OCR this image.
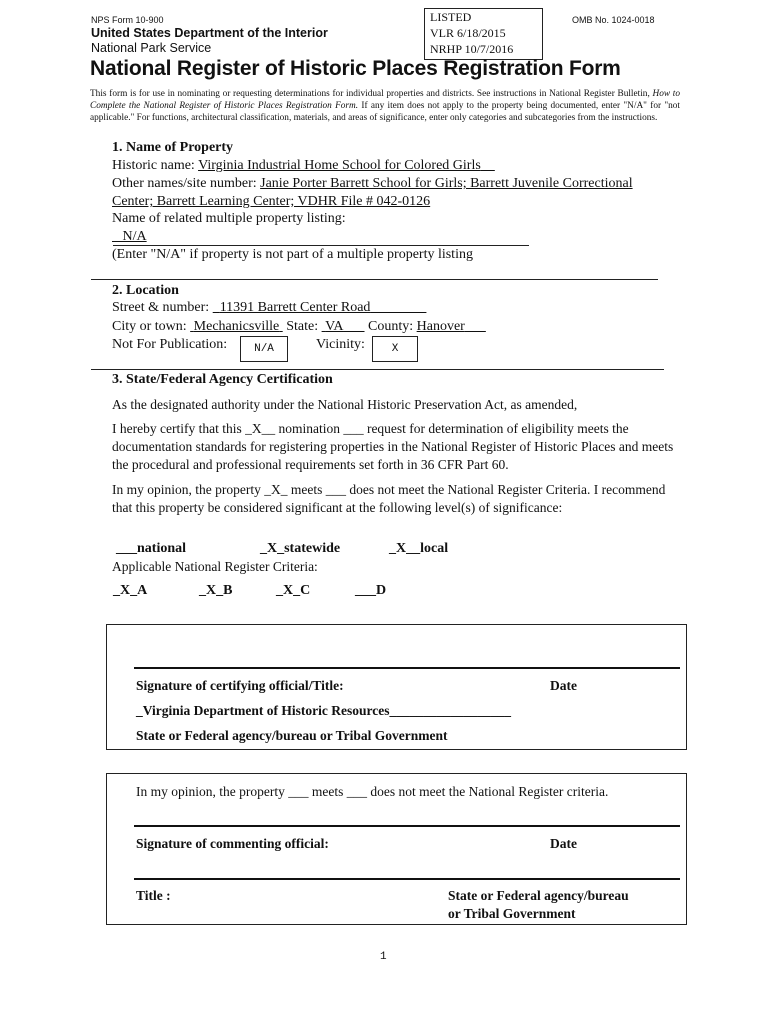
NPS Form 10-900
United States Department of the Interior
National Park Service
OMB No. 1024-0018
LISTED
VLR 6/18/2015
NRHP 10/7/2016
National Register of Historic Places Registration Form
This form is for use in nominating or requesting determinations for individual properties and districts. See instructions in National Register Bulletin, How to Complete the National Register of Historic Places Registration Form. If any item does not apply to the property being documented, enter "N/A" for "not applicable." For functions, architectural classification, materials, and areas of significance, enter only categories and subcategories from the instructions.
1. Name of Property
Historic name: Virginia Industrial Home School for Colored Girls
Other names/site number: Janie Porter Barrett School for Girls; Barrett Juvenile Correctional
Center; Barrett Learning Center; VDHR File # 042-0126
Name of related multiple property listing:
N/A
(Enter "N/A" if property is not part of a multiple property listing
2. Location
Street & number:   11391 Barrett Center Road
City or town:  Mechanicsville State:  VA County: Hanover
Not For Publication:	N/A	Vicinity:	X
3. State/Federal Agency Certification
As the designated authority under the National Historic Preservation Act, as amended,
I hereby certify that this _X__ nomination ___ request for determination of eligibility meets the documentation standards for registering properties in the National Register of Historic Places and meets the procedural and professional requirements set forth in 36 CFR Part 60.
In my opinion, the property _X_ meets ___ does not meet the National Register Criteria. I recommend that this property be considered significant at the following level(s) of significance:
___national	_X_statewide	_X__local
Applicable National Register Criteria:
_X_A	_X_B	_X_C	___D
Signature of certifying official/Title:	Date
_Virginia Department of Historic Resources__________________
State or Federal agency/bureau or Tribal Government
In my opinion, the property ___ meets ___ does not meet the National Register criteria.
Signature of commenting official:	Date
Title :	State or Federal agency/bureau
or Tribal Government
1
